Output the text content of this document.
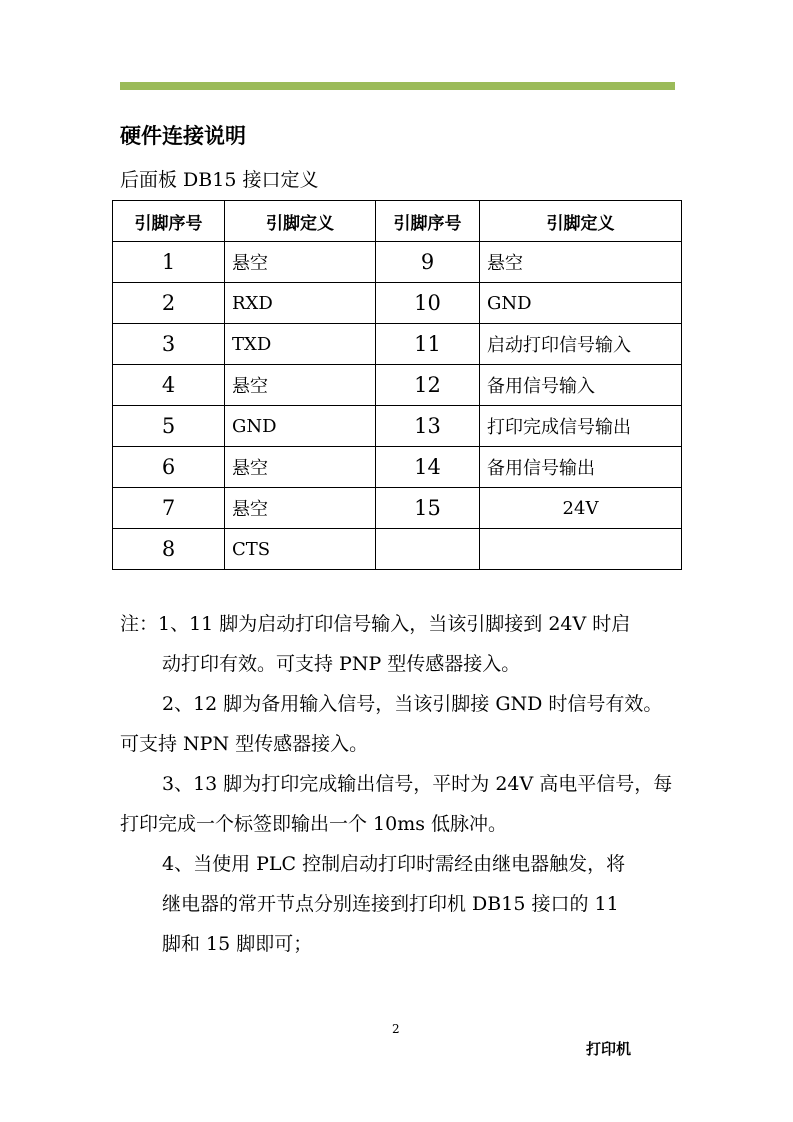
硬件连接说明
后面板 DB15 接口定义
引脚序号	引脚定义	引脚序号	引脚定义
1	悬空	9	悬空
2	RXD	10	GND
3	TXD	11	启动打印信号输入
4	悬空	12	备用信号输入
5	GND	13	打印完成信号输出
6	悬空	14	备用信号输出
7	悬空	15	24V
8	CTS		

注：1、11 脚为启动打印信号输入，当该引脚接到 24V 时启

动打印有效。可支持 PNP 型传感器接入。

2、12 脚为备用输入信号，当该引脚接 GND 时信号有效。可支持 NPN 型传感器接入。

3、13 脚为打印完成输出信号，平时为 24V 高电平信号，每打印完成一个标签即输出一个 10ms 低脉冲。

4、当使用 PLC 控制启动打印时需经由继电器触发，将

继电器的常开节点分别连接到打印机 DB15 接口的 11

脚和 15 脚即可；

2
打印机
